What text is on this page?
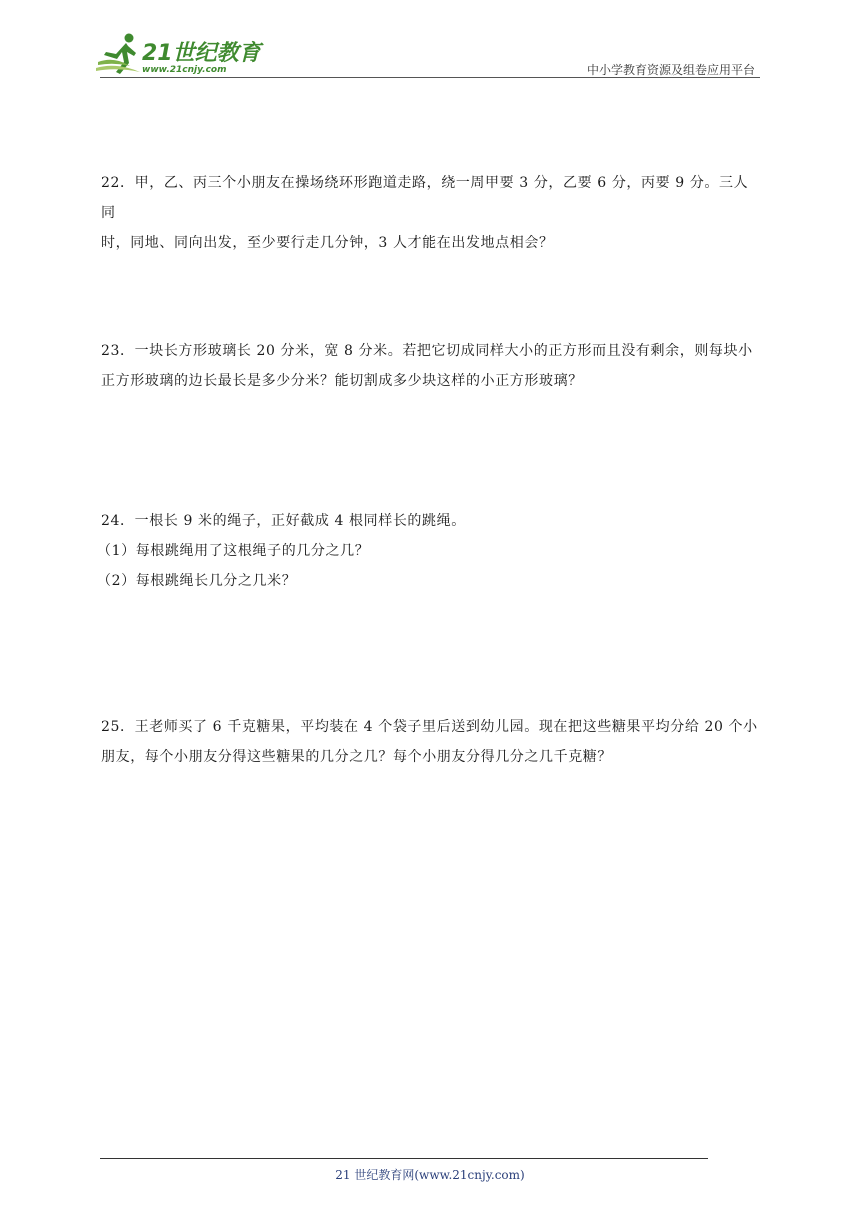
21世纪教育
www.21cnjy.com	中小学教育资源及组卷应用平台

22．甲，乙、丙三个小朋友在操场绕环形跑道走路，绕一周甲要 3 分，乙要 6 分，丙要 9 分。三人同

时，同地、同向出发，至少要行走几分钟，3 人才能在出发地点相会？

23．一块长方形玻璃长 20 分米，宽 8 分米。若把它切成同样大小的正方形而且没有剩余，则每块小

正方形玻璃的边长最长是多少分米？能切割成多少块这样的小正方形玻璃？

24．一根长 9 米的绳子，正好截成 4 根同样长的跳绳。

（1）每根跳绳用了这根绳子的几分之几？

（2）每根跳绳长几分之几米？

25．王老师买了 6 千克糖果，平均装在 4 个袋子里后送到幼儿园。现在把这些糖果平均分给 20 个小

朋友，每个小朋友分得这些糖果的几分之几？每个小朋友分得几分之几千克糖？

21 世纪教育网(www.21cnjy.com)
